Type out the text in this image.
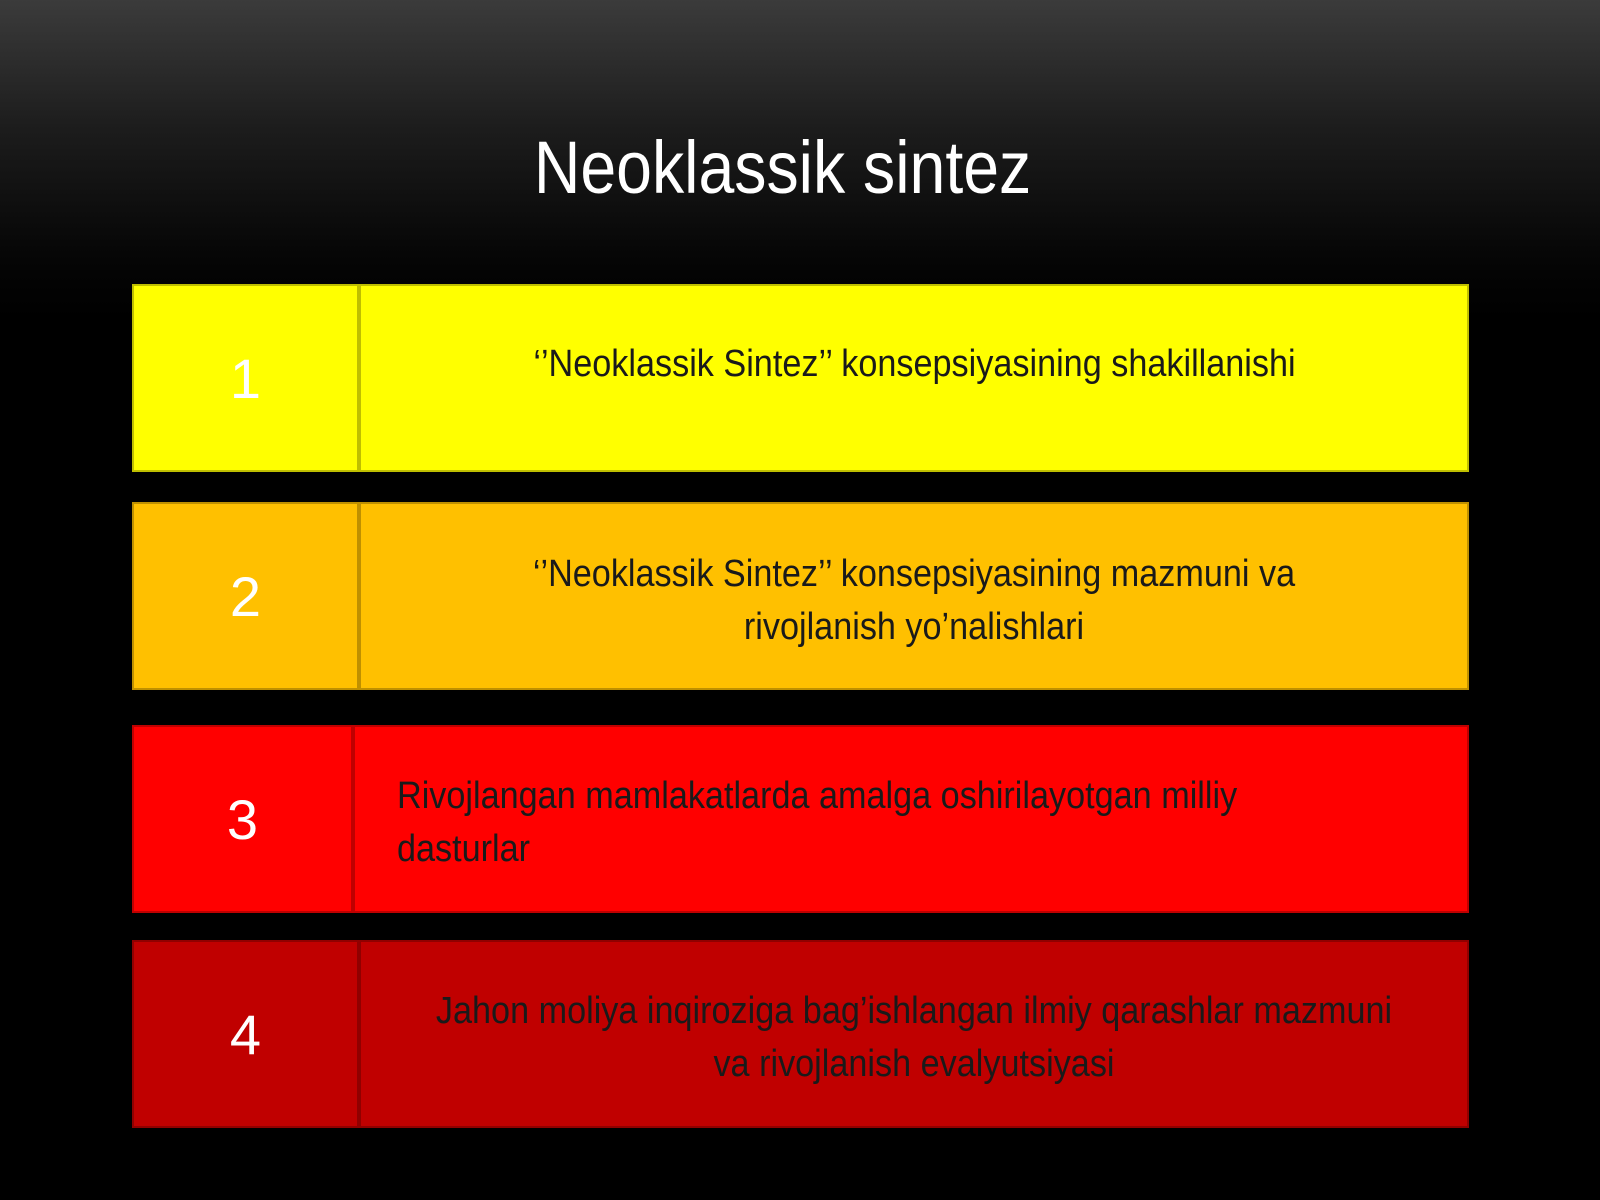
Neoklassik sintez
1	‘’Neoklassik Sintez’’ konsepsiyasining shakillanishi
2	‘’Neoklassik Sintez’’ konsepsiyasining mazmuni va rivojlanish yo’nalishlari
3	Rivojlangan mamlakatlarda amalga oshirilayotgan milliy dasturlar
4	Jahon moliya inqiroziga bag’ishlangan ilmiy qarashlar mazmuni va rivojlanish evalyutsiyasi
